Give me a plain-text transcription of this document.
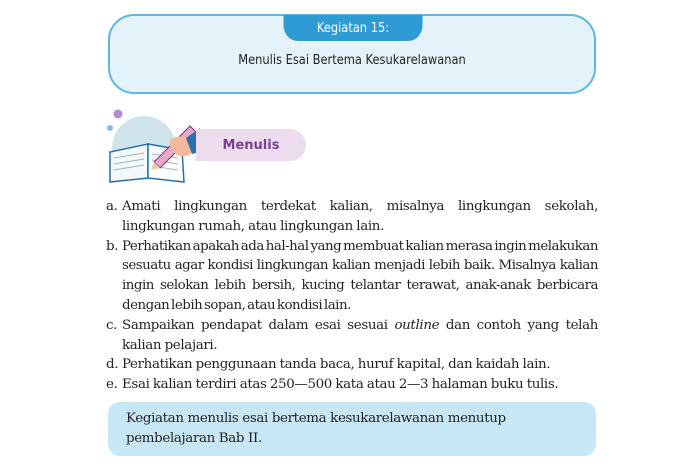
Kegiatan 15:
Menulis Esai Bertema Kesukarelawanan
Menulis
a. Amati lingkungan terdekat kalian, misalnya lingkungan sekolah, lingkungan rumah, atau lingkungan lain.
b. Perhatikan apakah ada hal-hal yang membuat kalian merasa ingin melakukan sesuatu agar kondisi lingkungan kalian menjadi lebih baik. Misalnya kalian ingin selokan lebih bersih, kucing telantar terawat, anak-anak berbicara dengan lebih sopan, atau kondisi lain.
c. Sampaikan pendapat dalam esai sesuai outline dan contoh yang telah kalian pelajari.
d. Perhatikan penggunaan tanda baca, huruf kapital, dan kaidah lain.
e. Esai kalian terdiri atas 250—500 kata atau 2—3 halaman buku tulis.
Kegiatan menulis esai bertema kesukarelawanan menutup pembelajaran Bab II.
